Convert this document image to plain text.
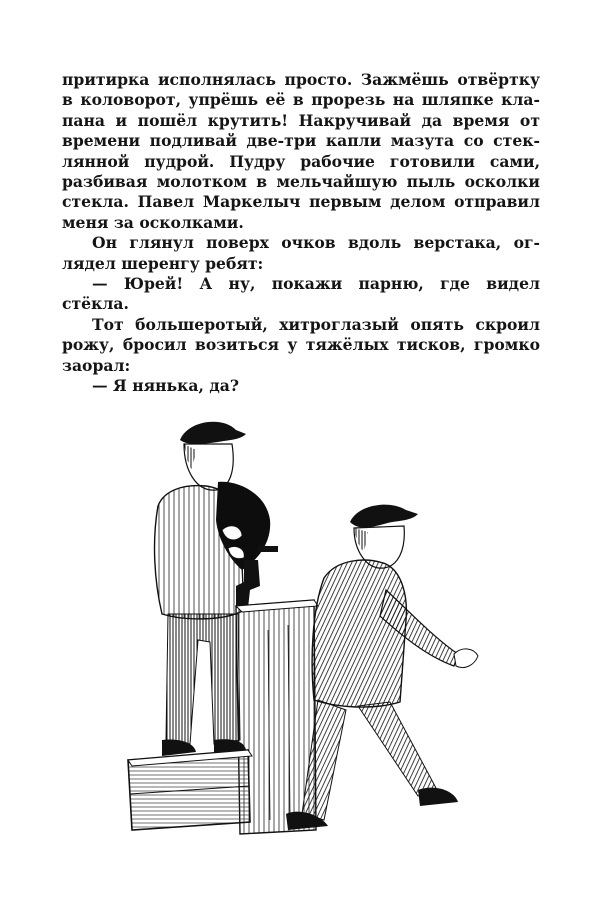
притирка исполнялась просто. Зажмёшь отвёртку
в коловорот, упрёшь её в прорезь на шляпке кла-
пана и пошёл крутить! Накручивай да время от
времени подливай две-три капли мазута со стек-
лянной пудрой. Пудру рабочие готовили сами,
разбивая молотком в мельчайшую пыль осколки
стекла. Павел Маркелыч первым делом отправил
меня за осколками.

Он глянул поверх очков вдоль верстака, ог-
лядел шеренгу ребят:

— Юрей! А ну, покажи парню, где видел
стёкла.

Тот большеротый, хитроглазый опять скроил
рожу, бросил возиться у тяжёлых тисков, громко
заорал:

— Я нянька, да?
